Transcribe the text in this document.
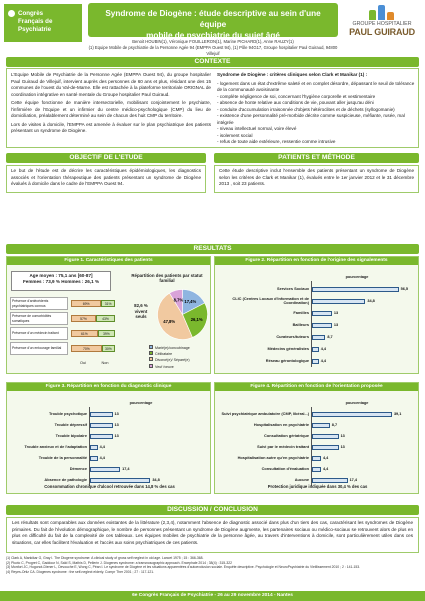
Congrès
Français de
Psychiatrie
Syndrome de Diogène : étude descriptive au sein d'une équipe
mobile de psychiatrie du sujet âgé
GROUPE HOSPITALIER
PAUL GUIRAUD
Benoit HOUBIN(1), Véronique FOUILLERON(1), Marine PICHARD(1), Anne RAUZY(1)
(1) Equipe Mobile de psychiatrie de la Personne Agée 94 (EMPPA Ouest 94), (1) Pôle 94G17, Groupe hospitalier Paul Guiraud, 94800 Villejuif
CONTEXTE

L'Equipe Mobile de Psychiatrie de la Personne Agée (EMPPA Ouest 94), du groupe hospitalier Paul Guiraud de Villejuif, intervient auprès des personnes de 60 ans et plus, résidant une des 15 communes de l'ouest du Val-de-Marne. Elle est rattachée à la plateforme territoriale ORIGNAL de coordination intégrative en santé mentale du Groupe hospitalier Paul Guiraud.

Cette équipe fonctionne de manière intersectorielle, mobilisant conjointement le psychiatre, l'infirmière de l'Equipe et un infirmier du centre médico-psychologique (CMP) du lieu de domiciliation, préalablement déterminé au sein de chacun des huit CMP du territoire.

Lors de visites à domicile, l'EMPPA est amenée à évaluer sur le plan psychiatrique des patients présentant un syndrome de Diogène.

Syndrome de Diogène : critères cliniques selon Clark et Manikar (1) :

- logement dans un état d'extrême saleté et en complet désordre, dépassant le seuil de tolérance de la communauté avoisinante
- complète négligence de soi, concernant l'hygiène corporelle et vestimentaire
- absence de honte relative aux conditions de vie, pouvant aller jusqu'au déni
- conduite d'accumulation irraisonnée d'objets hétéroclites et de déchets (syllogomanie)
- existence d'une personnalité pré-morbide décrite comme suspicieuse, méfiante, rusée, mal intégrée
- niveau intellectuel normal, voire élevé
- isolement social
- refus de toute aide extérieure, ressentie comme intrusive
OBJECTIF DE L'ETUDE
Le but de l'étude est de décrire les caractéristiques épidémiologiques, les diagnostics associés et l'orientation thérapeutique des patients présentant un syndrome de Diogène évalués à domicile dans le cadre de l'EMPPA Ouest 94.
PATIENTS ET MÉTHODE
Cette étude descriptive inclut l'ensemble des patients présentant un syndrome de Diogène selon les critères de Clark et Manikar (1), évalués entre le 1er janvier 2012 et le 31 décembre 2013 , soit 23 patients.
RESULTATS
Figure 1. Caractéristiques des patients
Age moyen : 75,1 ans [60-87]
Femmes : 73,9 % Hommes : 26,1 %
Présence d'antécédents psychiatriques connus	69%	31%
Présence de comorbidités somatiques	57%	43%
Présence d'un médecin traitant	61%	39%
Présence d'un entourage familial	70%	30%
Oui	Non
Répartition des patients par statut familial
17,4%
26,1%
47,8%
8,7%
82,6 % vivent seuls
Marié(e)/concubinage
Célibataire
Divorcé(e)/ Séparé(e)
Veuf /veuve
Figure 2. Répartition en fonction de l'origine des signalements
pourcentage
Services Sociaux	56,5
CLIC (Centres Locaux d'Information et de Coordination)	34,8
Familles	13
Bailleurs	13
Curateurs/tuteurs	8,7
Médecins généralistes	4,4
Réseau gérontologique	4,4
Figure 3. Répartition en fonction du diagnostic clinique
pourcentage
Trouble psychotique	13
Trouble dépressif	13
Trouble bipolaire	13
Trouble anxieux et de l'adaptation	4,4
Trouble de la personnalité	4,4
Démence	17,4
Absence de pathologie	34,8
Consommation chronique d'alcool retrouvée dans 14,8 % des cas
Figure 4. Répartition en fonction de l'orientation proposée
pourcentage
Suivi psychiatrique ambulatoire (CMP, libéral...)	39,1
Hospitalisation en psychiatrie	8,7
Consultation gériatrique	13
Suivi par le médecin traitant	13
Hospitalisation autre qu'en psychiatrie	4,4
Consultation d'évaluation	4,4
Aucune	17,4
Protection juridique indiquée dans 30,4 % des cas
DISCUSSION / CONCLUSION
Les résultats sont comparables aux données existantes de la littérature (2,3,4), notamment l'absence de diagnostic associé dans plus d'un tiers des cas, caractérisant les syndromes de Diogène primaires. Du fait de l'évolution démographique, le nombre de personnes présentant un syndrome de Diogène augmente, les partenaires sociaux ou médico-sociaux se retrouvent alors de plus en plus en difficulté du fait de la complexité de ces tableaux. Les équipes mobiles de psychiatrie de la personne âgée, au travers d'interventions à domicile, sont particulièrement utiles dans ces situations, car elles facilitent l'évaluation et l'accès aux soins psychiatriques de ces patients.
(1) Clark A, Mankikar G, Gray I. The Diogene syndrome: A clinical study of gross self neglect in old age. Lancet 1975 ; 15 : 366-368.
(2) Pluvio C, Progret C, Gaddour N, Saïd S, Mathis D, Pellerin J. Diogenes syndrome: a transnosographic approach. Encephale 2014 ; 38(4) : 315-322
(3) Monfort JC, Hugonot-Diener L, Devouche E, Wong C, Péan I. Le syndrome de Diogène et les situations apparentées d'autoexclusion sociale. Enquête descriptive. Psychologie et NeuroPsychiatrie du Vieillissement 2010 ; 2 : 141-153.
(4) Reyes-Ortiz CA. Diogenes syndrome : the self-neglect elderly. Compr Ther 2001 ; 27 : 117-121.
6e Congrès Français de Psychiatrie - 26 au 29 novembre 2014 - Nantes
